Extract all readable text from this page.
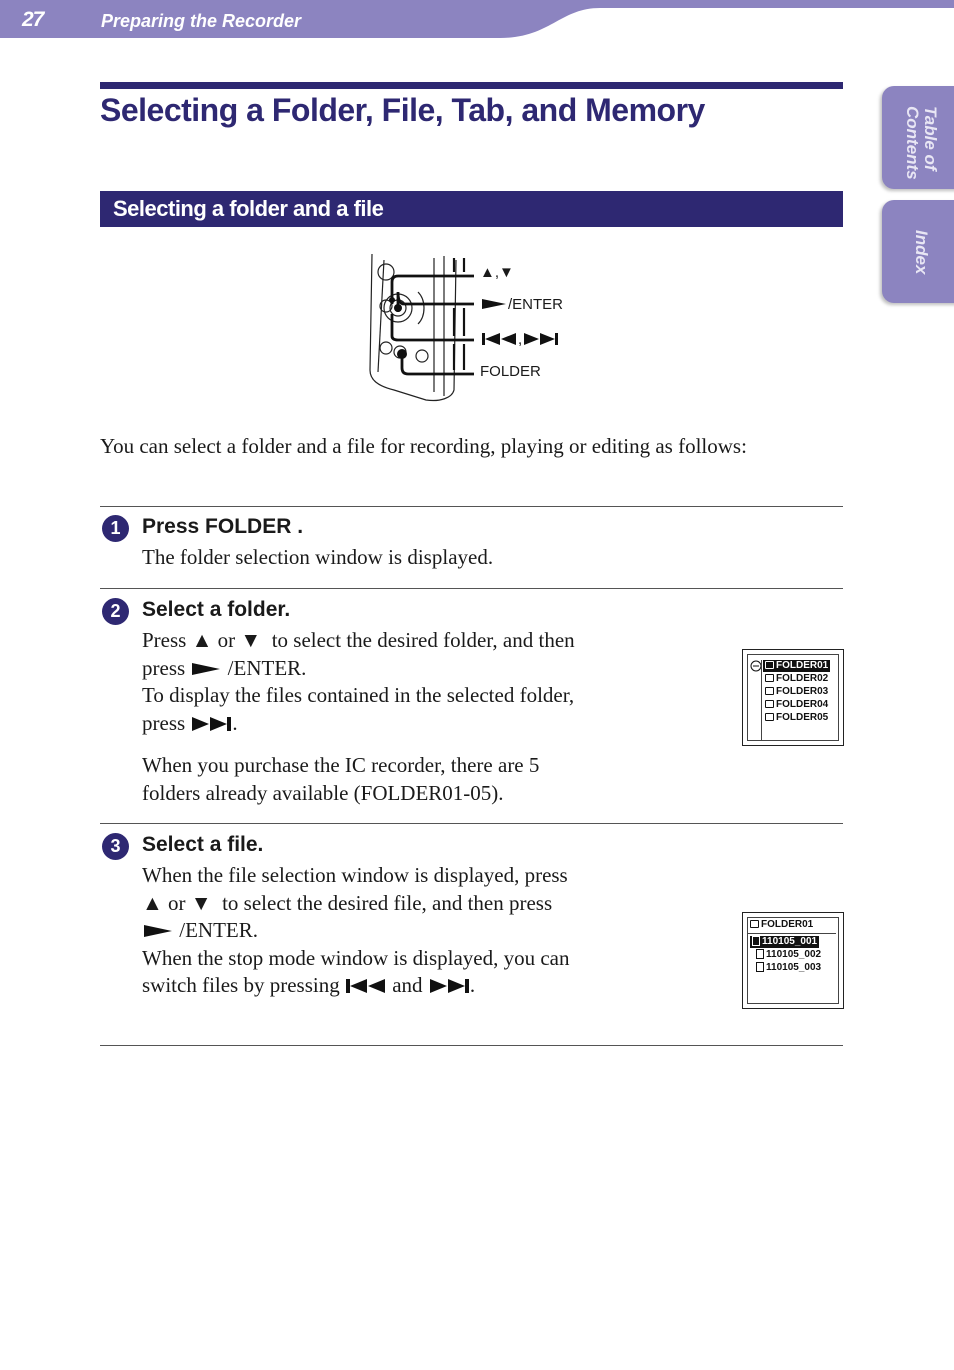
27	Preparing the Recorder
Table of
Contents
Index
Selecting a Folder, File, Tab, and Memory
Selecting a folder and a file
▲,▼
/ENTER
,
FOLDER
You can select a folder and a file for recording, playing or editing as follows:
1	Press FOLDER .

The folder selection window is displayed.

2	Select a folder.

Press ▲ or ▼ to select the desired folder, and then

press /ENTER.

To display the files contained in the selected folder,

press .

When you purchase the IC recorder, there are 5

folders already available (FOLDER01-05).

FOLDER01
FOLDER02
FOLDER03
FOLDER04
FOLDER05
3	Select a file.

When the file selection window is displayed, press

▲ or ▼ to select the desired file, and then press

/ENTER.

When the stop mode window is displayed, you can

switch files by pressing	and .

FOLDER01
110105_001
110105_002
110105_003
